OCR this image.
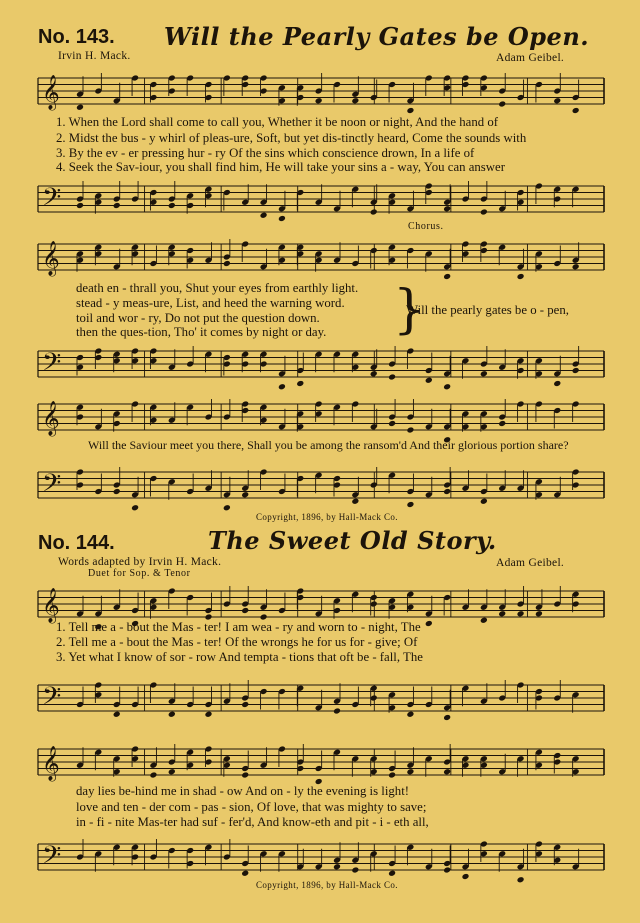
No. 143. Will the Pearly Gates be Open.
Irvin H. Mack.	Adam Geibel.
𝄞
1. When the Lord shall come to call you, Whether it be noon or night, And the hand of
2. Midst the bus - y whirl of pleas-ure, Soft, but yet dis-tinctly heard, Come the sounds with
3. By the ev - er pressing hur - ry Of the sins which conscience drown, In a life of
4. Seek the Sav-iour, you shall find him, He will take your sins a - way, You can answer
𝄢
Chorus.
𝄞
death en - thrall you, Shut your eyes from earthly light.
stead - y meas-ure, List, and heed the warning word.
toil and wor - ry, Do not put the question down.
then the ques-tion, Tho' it comes by night or day. }
Will the pearly gates be o - pen,
𝄢
𝄞
Will the Saviour meet you there, Shall you be among the ransom'd And their glorious portion share?
𝄢
Copyright, 1896, by Hall-Mack Co.
No. 144.	The Sweet Old Story.
Words adapted by Irvin H. Mack.	Adam Geibel.
Duet for Sop. & Tenor
𝄞
1. Tell me a - bout the Mas - ter! I am wea - ry and worn to - night, The
2. Tell me a - bout the Mas - ter! Of the wrongs he for us for - give; Of
3. Yet what I know of sor - row And tempta - tions that oft be - fall, The
𝄢
𝄞
day lies be-hind me in shad - ow And on - ly the evening is light!
love and ten - der com - pas - sion, Of love, that was mighty to save;
in - fi - nite Mas-ter had suf - fer'd, And know-eth and pit - i - eth all,
𝄢
Copyright, 1896, by Hall-Mack Co.
